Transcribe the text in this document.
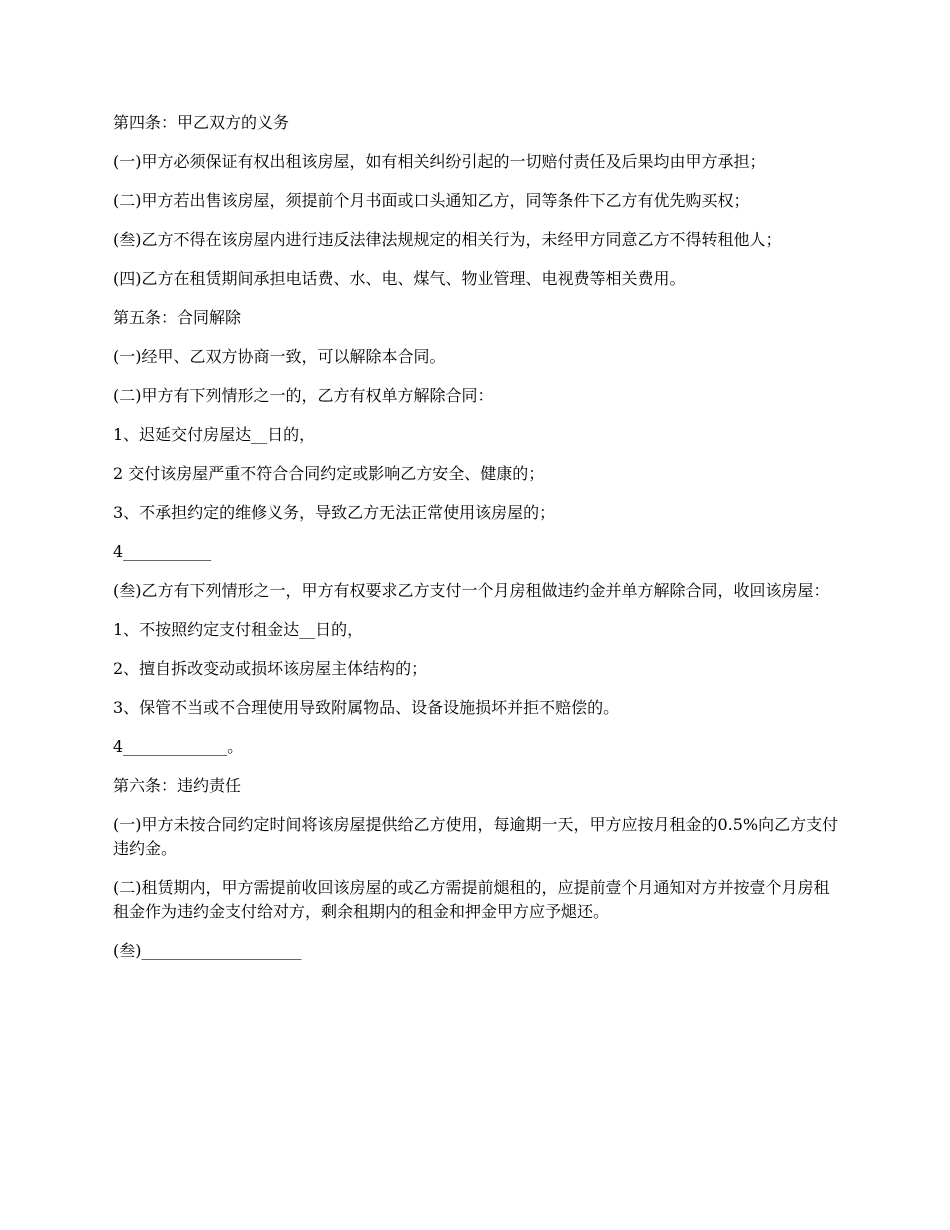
第四条：甲乙双方的义务

(一)甲方必须保证有权出租该房屋，如有相关纠纷引起的一切赔付责任及后果均由甲方承担；

(二)甲方若出售该房屋，须提前个月书面或口头通知乙方，同等条件下乙方有优先购买权；

(叁)乙方不得在该房屋内进行违反法律法规规定的相关行为，未经甲方同意乙方不得转租他人；

(四)乙方在租赁期间承担电话费、水、电、煤气、物业管理、电视费等相关费用。

第五条：合同解除

(一)经甲、乙双方协商一致，可以解除本合同。

(二)甲方有下列情形之一的，乙方有权单方解除合同：

1、迟延交付房屋达__日的，

2 交付该房屋严重不符合合同约定或影响乙方安全、健康的；

3、不承担约定的维修义务，导致乙方无法正常使用该房屋的；

4___________

(叁)乙方有下列情形之一，甲方有权要求乙方支付一个月房租做违约金并单方解除合同，收回该房屋：

1、不按照约定支付租金达__日的，

2、擅自拆改变动或损坏该房屋主体结构的；

3、保管不当或不合理使用导致附属物品、设备设施损坏并拒不赔偿的。

4_____________。

第六条：违约责任

(一)甲方未按合同约定时间将该房屋提供给乙方使用，每逾期一天，甲方应按月租金的0.5%向乙方支付违约金。

(二)租赁期内，甲方需提前收回该房屋的或乙方需提前煺租的，应提前壹个月通知对方并按壹个月房租租金作为违约金支付给对方，剩余租期内的租金和押金甲方应予煺还。

(叁)____________________
